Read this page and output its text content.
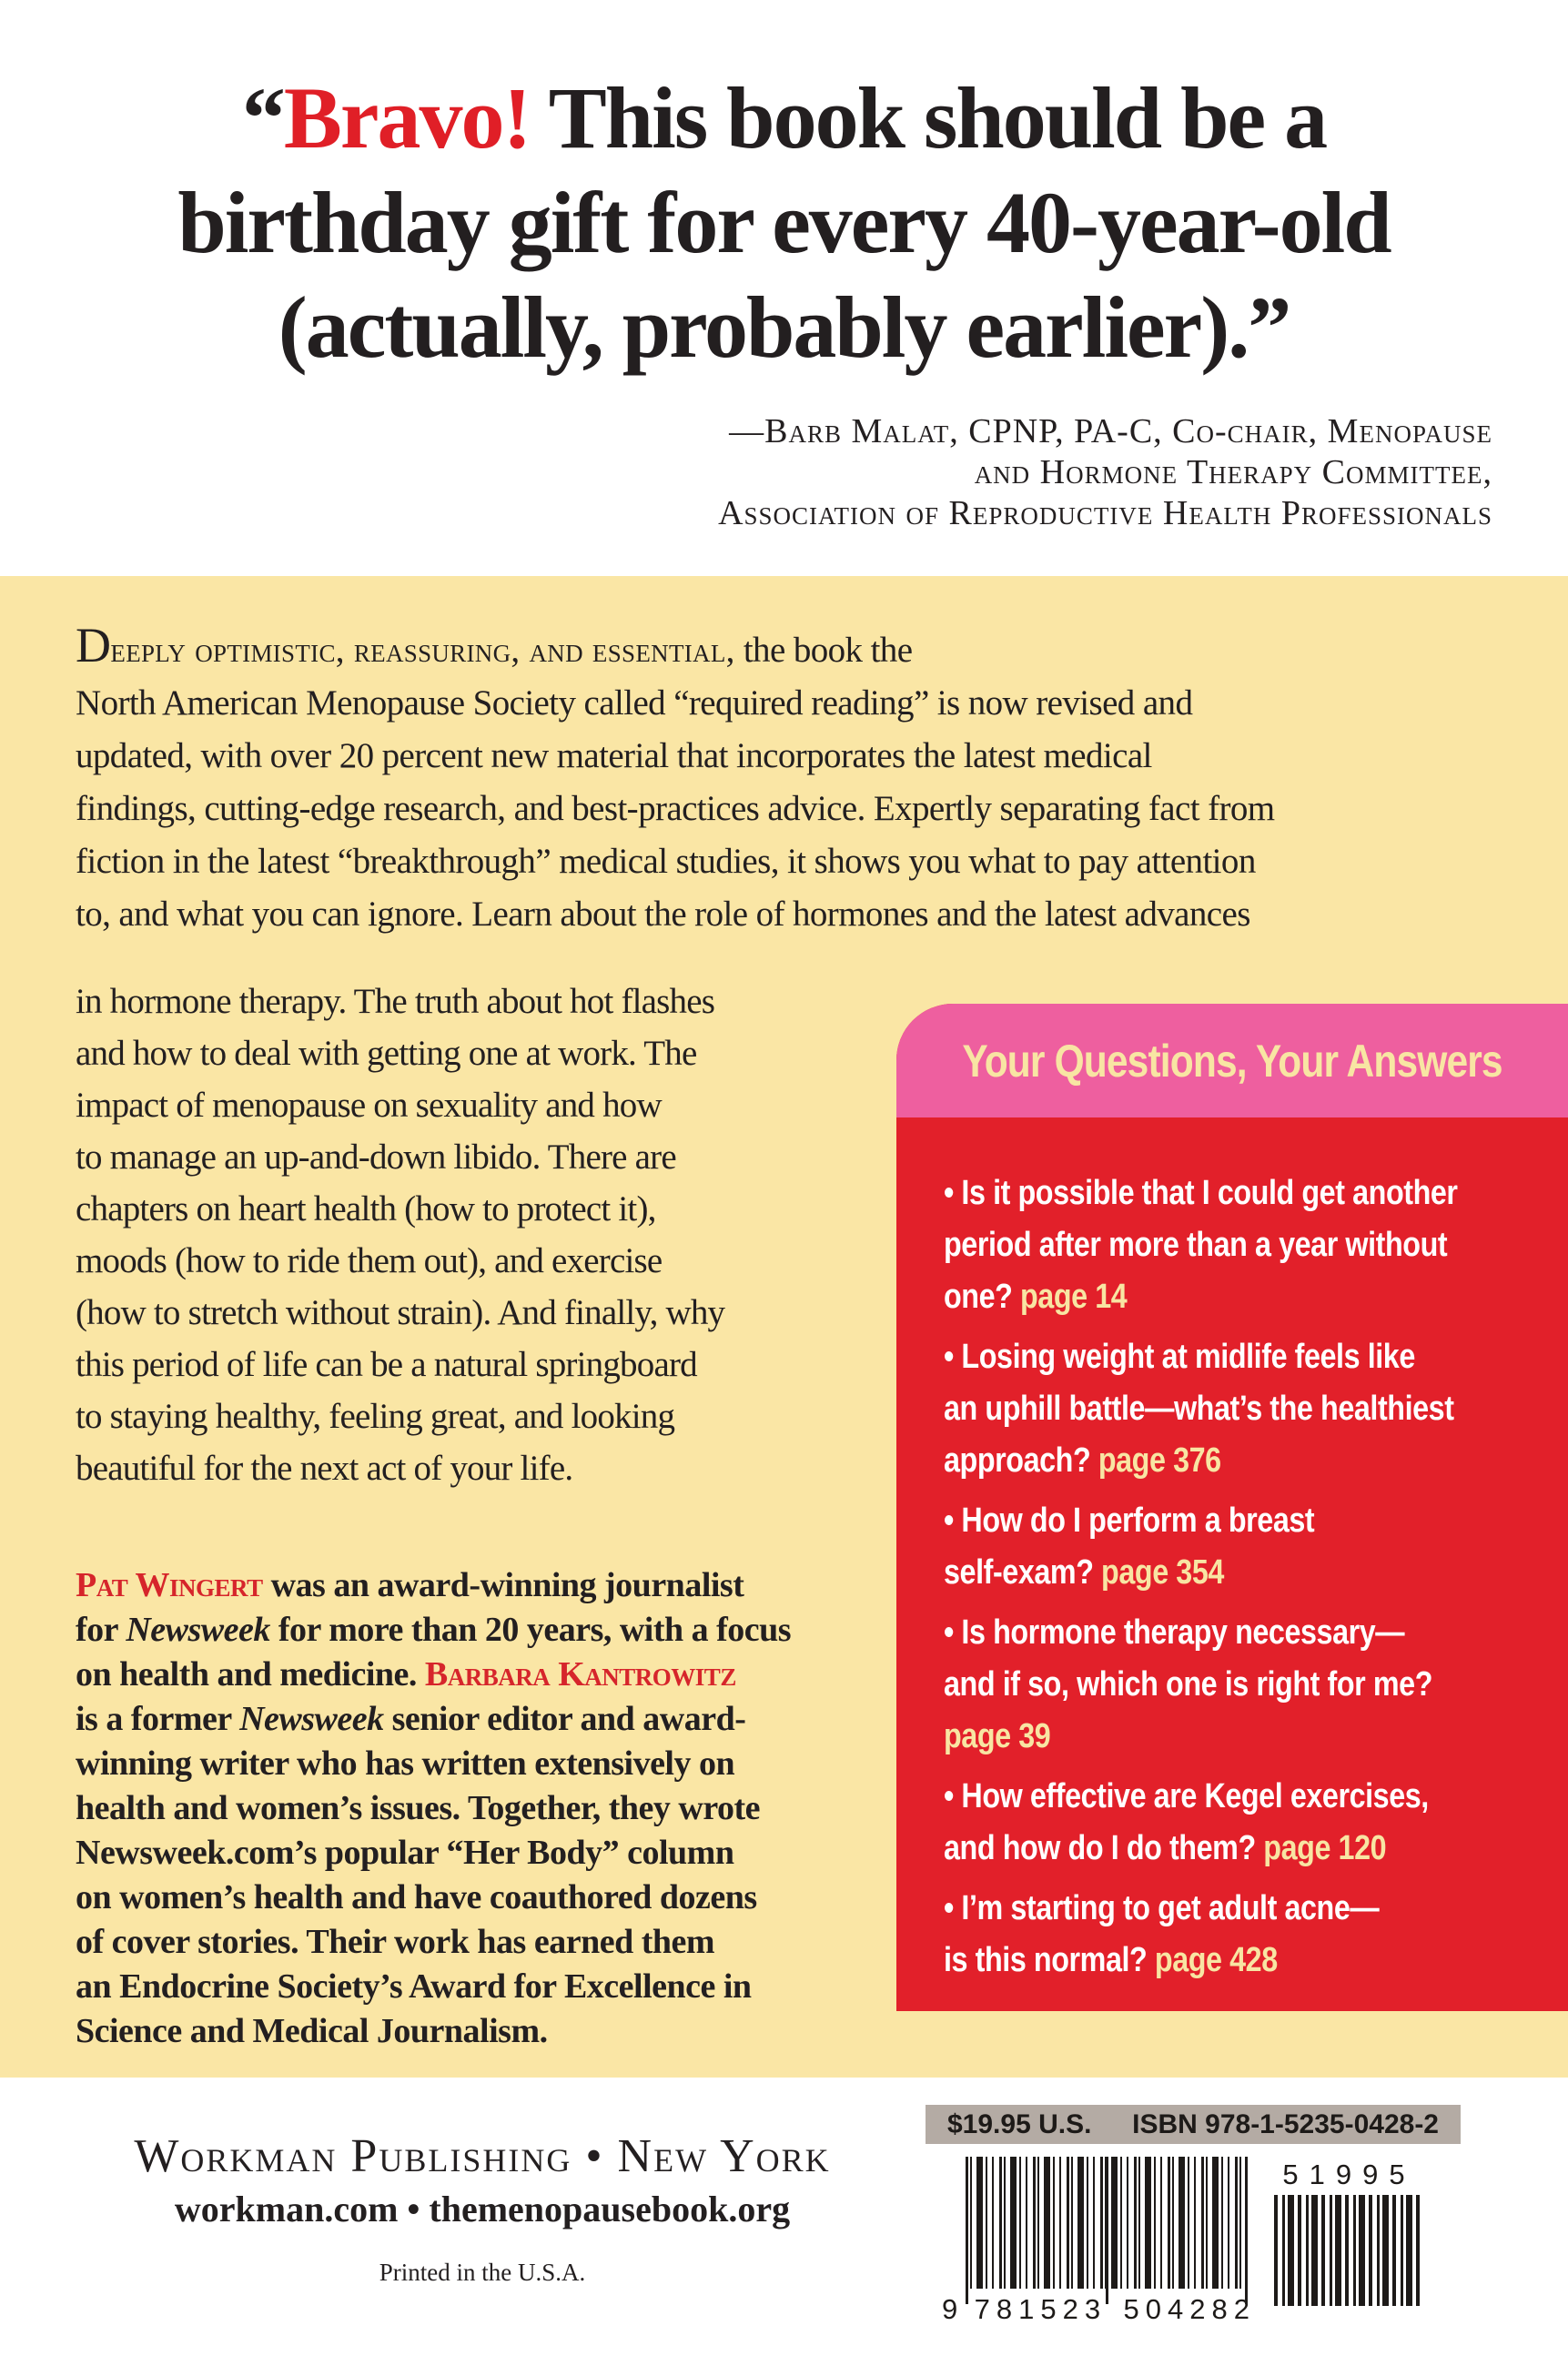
“Bravo! This book should be a
birthday gift for every 40-year-old
(actually, probably earlier).”
—Barb Malat, CPNP, PA-C, Co-chair, Menopause
and Hormone Therapy Committee,
Association of Reproductive Health Professionals
Deeply optimistic, reassuring, and essential, the book the
North American Menopause Society called “required reading” is now revised and
updated, with over 20 percent new material that incorporates the latest medical
findings, cutting-edge research, and best-practices advice. Expertly separating fact from
fiction in the latest “breakthrough” medical studies, it shows you what to pay attention
to, and what you can ignore. Learn about the role of hormones and the latest advances
in hormone therapy. The truth about hot flashes
and how to deal with getting one at work. The
impact of menopause on sexuality and how
to manage an up-and-down libido. There are
chapters on heart health (how to protect it),
moods (how to ride them out), and exercise
(how to stretch without strain). And finally, why
this period of life can be a natural springboard
to staying healthy, feeling great, and looking
beautiful for the next act of your life.
Pat Wingert was an award-winning journalist
for Newsweek for more than 20 years, with a focus
on health and medicine. Barbara Kantrowitz
is a former Newsweek senior editor and award-
winning writer who has written extensively on
health and women’s issues. Together, they wrote
Newsweek.com’s popular “Her Body” column
on women’s health and have coauthored dozens
of cover stories. Their work has earned them
an Endocrine Society’s Award for Excellence in
Science and Medical Journalism.
Your Questions, Your Answers
• Is it possible that I could get another
period after more than a year without
one? page 14
• Losing weight at midlife feels like
an uphill battle—what’s the healthiest
approach? page 376
• How do I perform a breast
self-exam? page 354
• Is hormone therapy necessary—
and if so, which one is right for me?
page 39
• How effective are Kegel exercises,
and how do I do them? page 120
• I’m starting to get adult acne—
is this normal? page 428
Workman Publishing • New York
workman.com • themenopausebook.org
Printed in the U.S.A.
$19.95 U.S. ISBN 978-1-5235-0428-2
9 781523 504282
51995
